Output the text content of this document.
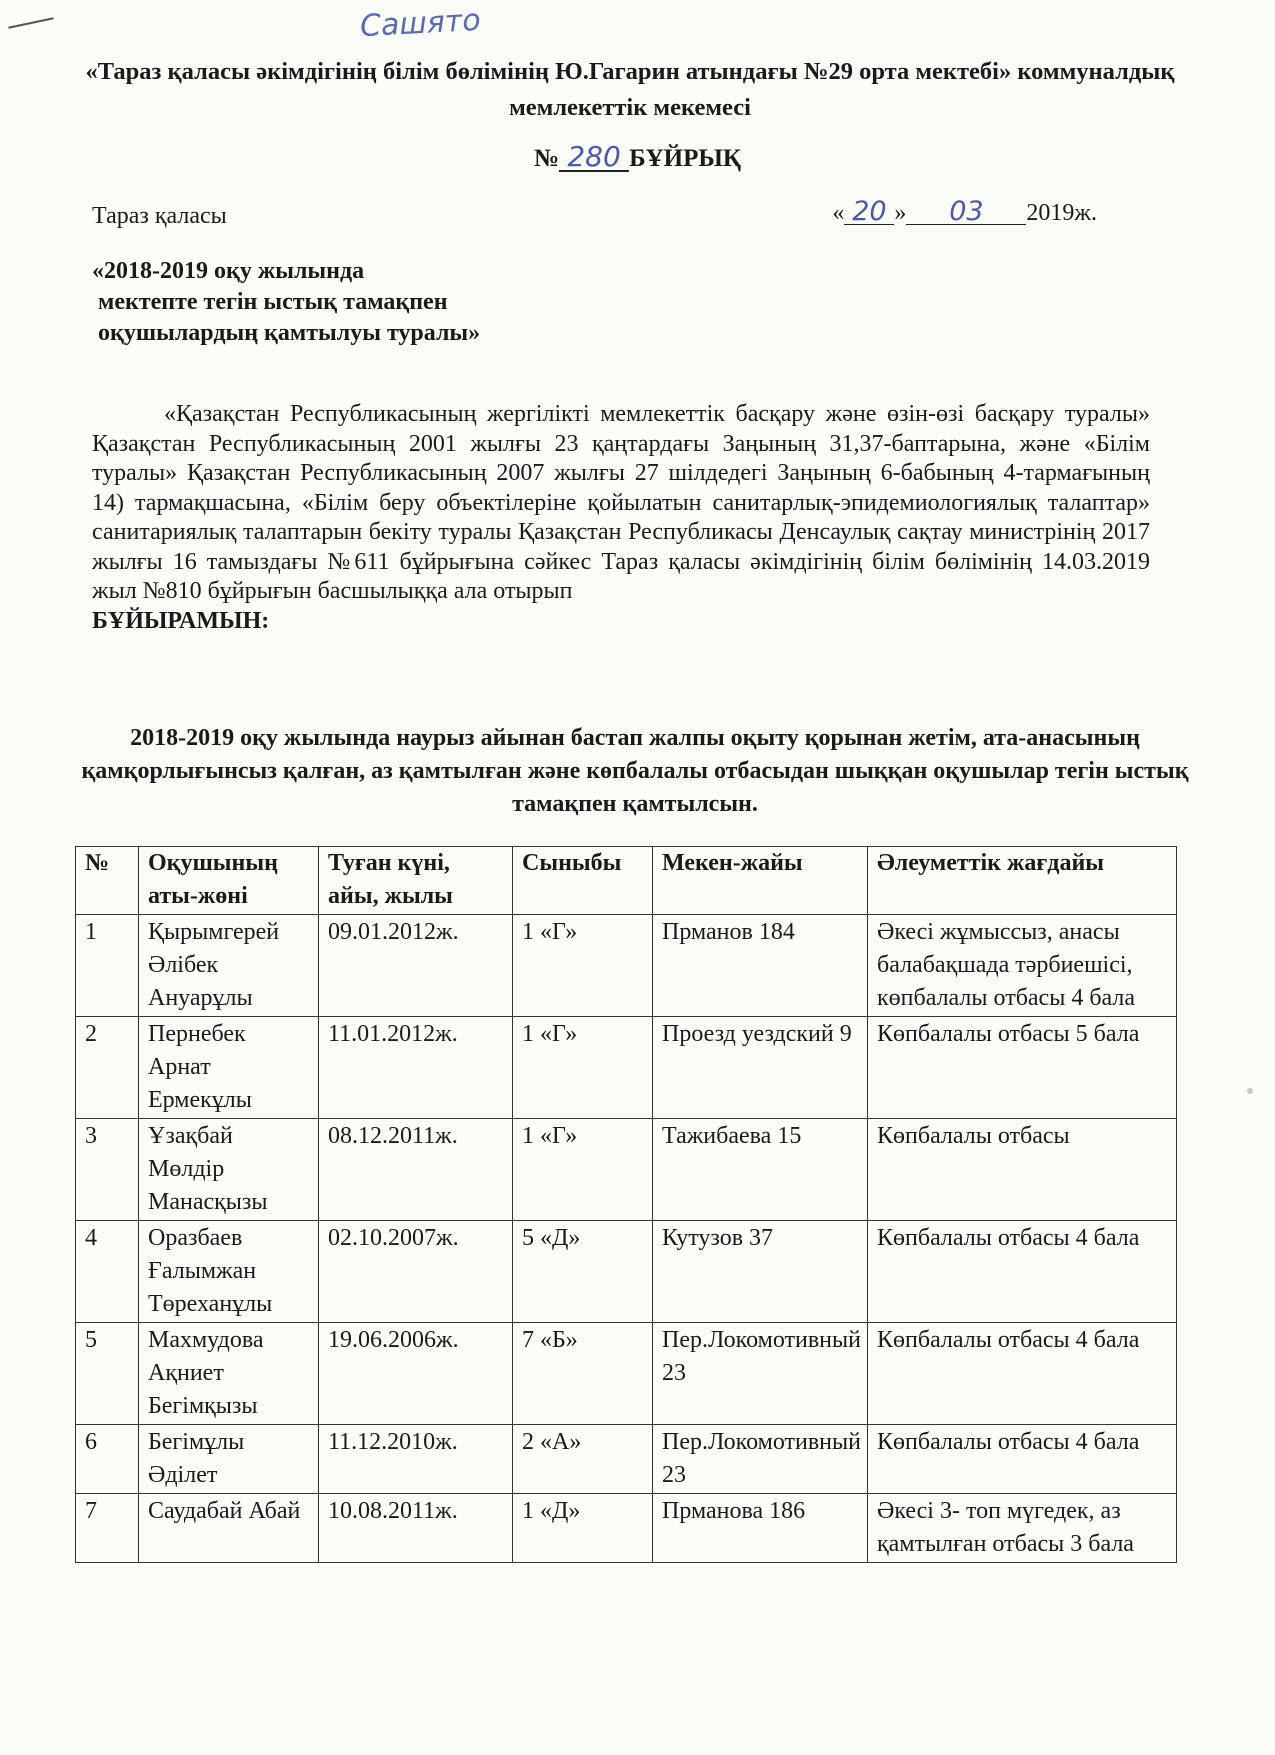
Сашято
«Тараз қаласы әкімдігінің білім бөлімінің Ю.Гагарин атындағы №29 орта мектебі» коммуналдық мемлекеттік мекемесі
№ 280 БҰЙРЫҚ
Тараз қаласы	« 20 » 03 2019ж.
«2018-2019 оқу жылында
мектепте тегін ыстық тамақпен
оқушылардың қамтылуы туралы»
«Қазақстан Республикасының жергілікті мемлекеттік басқару және өзін-өзі басқару туралы» Қазақстан Республикасының 2001 жылғы 23 қаңтардағы Заңының 31,37-баптарына, және «Білім туралы» Қазақстан Республикасының 2007 жылғы 27 шілдедегі Заңының 6-бабының 4-тармағының 14) тармақшасына, «Білім беру объектілеріне қойылатын санитарлық-эпидемиологиялық талаптар» санитариялық талаптарын бекіту туралы Қазақстан Республикасы Денсаулық сақтау министрінің 2017 жылғы 16 тамыздағы №611 бұйрығына сәйкес Тараз қаласы әкімдігінің білім бөлімінің 14.03.2019 жыл №810 бұйрығын басшылыққа ала отырып
БҰЙЫРАМЫН:
2018-2019 оқу жылында наурыз айынан бастап жалпы оқыту қорынан жетім, ата-анасының қамқорлығынсыз қалған, аз қамтылған және көпбалалы отбасыдан шыққан оқушылар тегін ыстық тамақпен қамтылсын.
№	Оқушының аты-жөні	Туған күні, айы, жылы	Сыныбы	Мекен-жайы	Әлеуметтік жағдайы
1	Қырымгерей Әлібек Ануарұлы	09.01.2012ж.	1 «Г»	Прманов 184	Әкесі жұмыссыз, анасы балабақшада тәрбиешісі, көпбалалы отбасы 4 бала
2	Пернебек Арнат Ермекұлы	11.01.2012ж.	1 «Г»	Проезд уездский 9	Көпбалалы отбасы 5 бала
3	Ұзақбай Мөлдір Манасқызы	08.12.2011ж.	1 «Г»	Тажибаева 15	Көпбалалы отбасы
4	Оразбаев Ғалымжан Төреханұлы	02.10.2007ж.	5 «Д»	Кутузов 37	Көпбалалы отбасы 4 бала
5	Махмудова Ақниет Бегімқызы	19.06.2006ж.	7 «Б»	Пер.Локомотивный 23	Көпбалалы отбасы 4 бала
6	Бегімұлы Әділет	11.12.2010ж.	2 «А»	Пер.Локомотивный 23	Көпбалалы отбасы 4 бала
7	Саудабай Абай	10.08.2011ж.	1 «Д»	Прманова 186	Әкесі 3- топ мүгедек, аз қамтылған отбасы 3 бала
